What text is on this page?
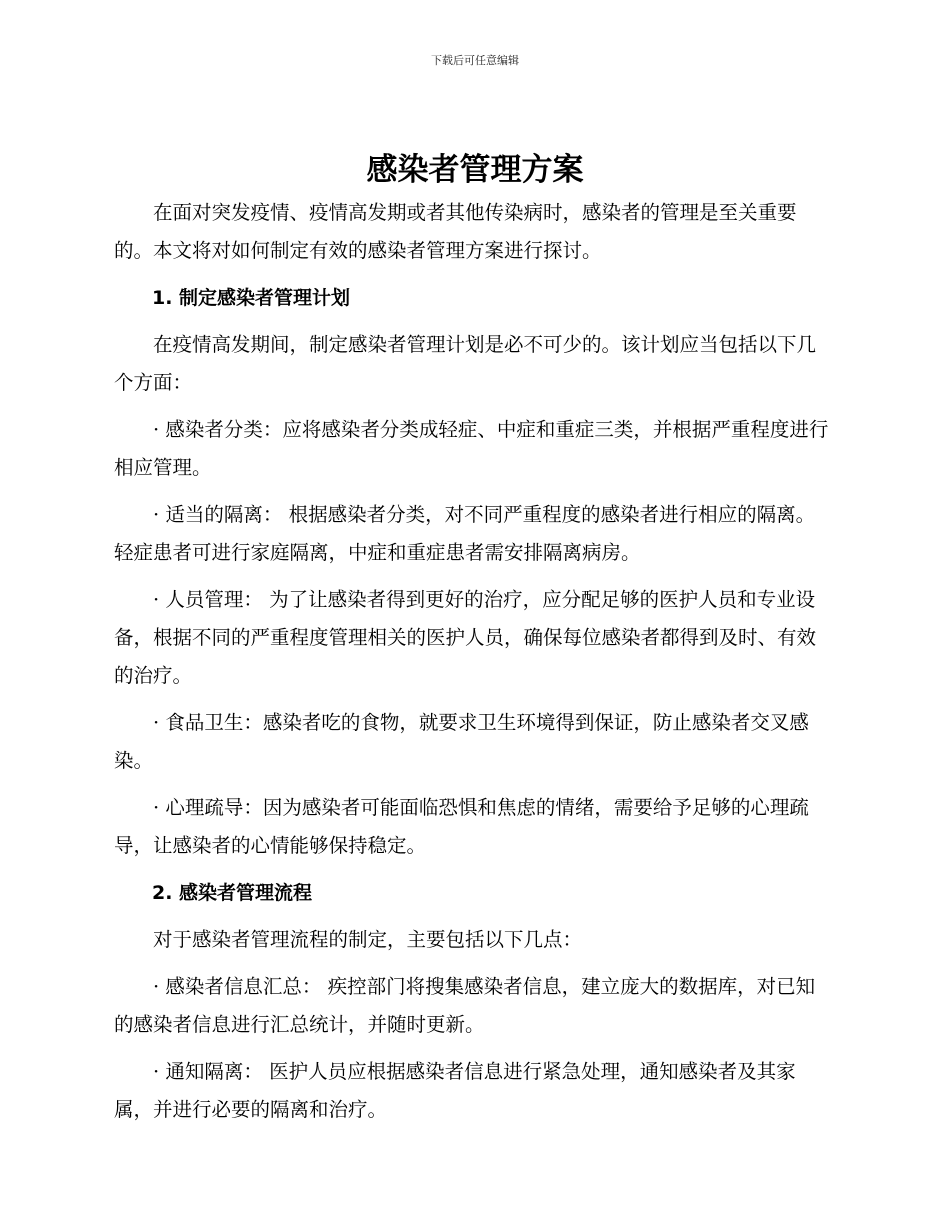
下载后可任意编辑
感染者管理方案

在面对突发疫情、疫情高发期或者其他传染病时，感染者的管理是至关重要的。本文将对如何制定有效的感染者管理方案进行探讨。

1. 制定感染者管理计划

在疫情高发期间，制定感染者管理计划是必不可少的。该计划应当包括以下几个方面：

· 感染者分类：应将感染者分类成轻症、中症和重症三类，并根据严重程度进行相应管理。

· 适当的隔离： 根据感染者分类，对不同严重程度的感染者进行相应的隔离。轻症患者可进行家庭隔离，中症和重症患者需安排隔离病房。

· 人员管理： 为了让感染者得到更好的治疗，应分配足够的医护人员和专业设备，根据不同的严重程度管理相关的医护人员，确保每位感染者都得到及时、有效的治疗。

· 食品卫生：感染者吃的食物，就要求卫生环境得到保证，防止感染者交叉感染。

· 心理疏导：因为感染者可能面临恐惧和焦虑的情绪，需要给予足够的心理疏导，让感染者的心情能够保持稳定。

2. 感染者管理流程

对于感染者管理流程的制定，主要包括以下几点：

· 感染者信息汇总： 疾控部门将搜集感染者信息，建立庞大的数据库，对已知的感染者信息进行汇总统计，并随时更新。

· 通知隔离： 医护人员应根据感染者信息进行紧急处理，通知感染者及其家属，并进行必要的隔离和治疗。
